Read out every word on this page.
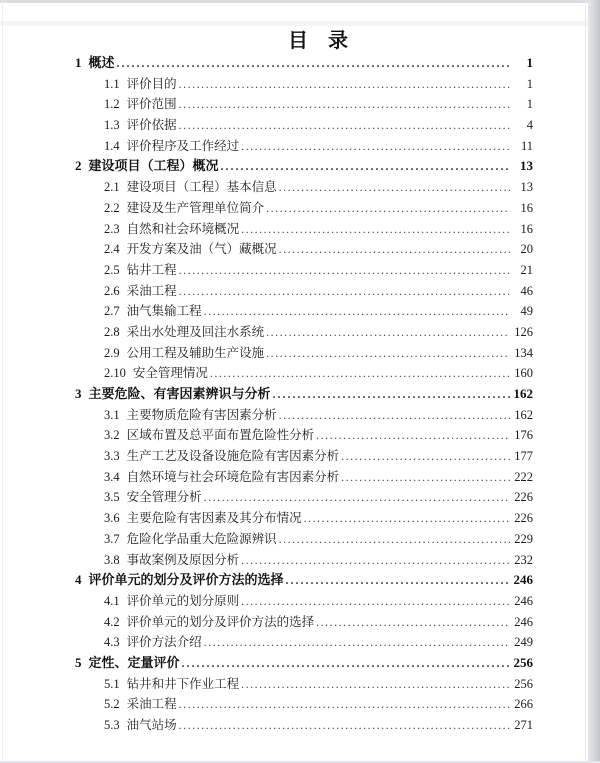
目　录
1 概述 .....	1
1.1 评价目的 .....	1
1.2 评价范围 .....	1
1.3 评价依据 .....	4
1.4 评价程序及工作经过 .....	11
2 建设项目（工程）概况 .....	13
2.1 建设项目（工程）基本信息 .....	13
2.2 建设及生产管理单位简介 .....	16
2.3 自然和社会环境概况 .....	16
2.4 开发方案及油（气）藏概况 .....	20
2.5 钻井工程 .....	21
2.6 采油工程 .....	46
2.7 油气集输工程 .....	49
2.8 采出水处理及回注水系统 .....	126
2.9 公用工程及辅助生产设施 .....	134
2.10 安全管理情况 .....	160
3 主要危险、有害因素辨识与分析 .....	162
3.1 主要物质危险有害因素分析 .....	162
3.2 区域布置及总平面布置危险性分析 .....	176
3.3 生产工艺及设备设施危险有害因素分析 .....	177
3.4 自然环境与社会环境危险有害因素分析 .....	222
3.5 安全管理分析 .....	226
3.6 主要危险有害因素及其分布情况 .....	226
3.7 危险化学品重大危险源辨识 .....	229
3.8 事故案例及原因分析 .....	232
4 评价单元的划分及评价方法的选择 .....	246
4.1 评价单元的划分原则 .....	246
4.2 评价单元的划分及评价方法的选择 .....	246
4.3 评价方法介绍 .....	249
5 定性、定量评价 .....	256
5.1 钻井和井下作业工程 .....	256
5.2 采油工程 .....	266
5.3 油气站场 .....	271
